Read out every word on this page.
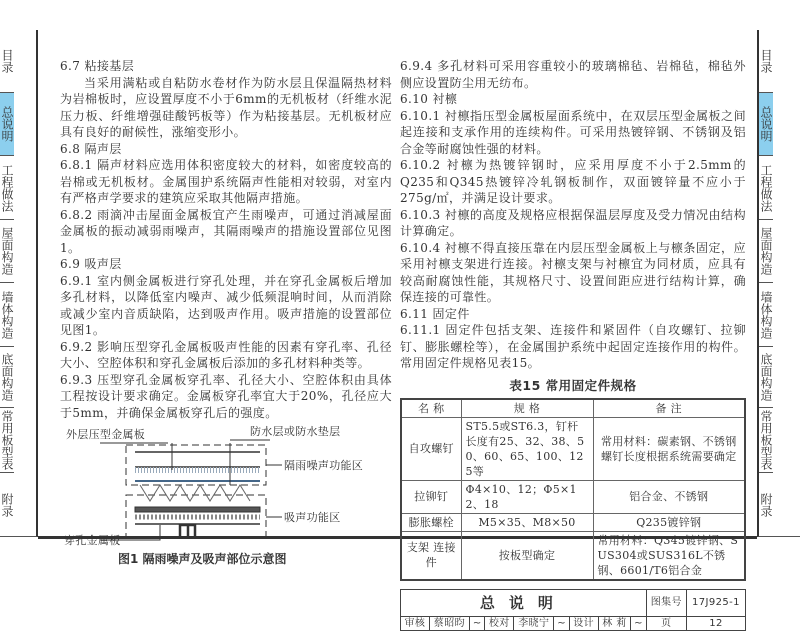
目录
总说明
工程做法
屋面构造
墙体构造
底面构造
常用板型表
附录
目录
总说明
工程做法
屋面构造
墙体构造
底面构造
常用板型表
附录

6.7 粘接基层

当采用满粘或自粘防水卷材作为防水层且保温隔热材料为岩棉板时，应设置厚度不小于6mm的无机板材（纤维水泥压力板、纤维增强硅酸钙板等）作为粘接基层。无机板材应具有良好的耐候性，涨缩变形小。

6.8 隔声层

6.8.1 隔声材料应选用体积密度较大的材料，如密度较高的岩棉或无机板材。金属围护系统隔声性能相对较弱，对室内有严格声学要求的建筑应采取其他隔声措施。

6.8.2 雨滴冲击屋面金属板宜产生雨噪声，可通过消减屋面金属板的振动减弱雨噪声，其隔雨噪声的措施设置部位见图1。

6.9 吸声层

6.9.1 室内侧金属板进行穿孔处理，并在穿孔金属板后增加多孔材料，以降低室内噪声、减少低频混响时间，从而消除或减少室内音质缺陷，达到吸声作用。吸声措施的设置部位见图1。

6.9.2 影响压型穿孔金属板吸声性能的因素有穿孔率、孔径大小、空腔体积和穿孔金属板后添加的多孔材料种类等。

6.9.3 压型穿孔金属板穿孔率、孔径大小、空腔体积由具体工程按设计要求确定。金属板穿孔率宜大于20%，孔径应大于5mm，并确保金属板穿孔后的强度。

外层压型金属板	防水层或防水垫层
隔雨噪声功能区
吸声功能区
穿孔金属板
图1 隔雨噪声及吸声部位示意图

6.9.4 多孔材料可采用容重较小的玻璃棉毡、岩棉毡，棉毡外侧应设置防尘用无纺布。

6.10 衬檩

6.10.1 衬檩指压型金属板屋面系统中，在双层压型金属板之间起连接和支承作用的连续构件。可采用热镀锌钢、不锈钢及铝合金等耐腐蚀性强的材料。

6.10.2 衬檩为热镀锌钢时，应采用厚度不小于2.5mm的Q235和Q345热镀锌冷轧钢板制作，双面镀锌量不应小于275g/㎡，并满足设计要求。

6.10.3 衬檩的高度及规格应根据保温层厚度及受力情况由结构计算确定。

6.10.4 衬檩不得直接压靠在内层压型金属板上与檩条固定，应采用衬檩支架进行连接。衬檩支架与衬檩宜为同材质，应具有较高耐腐蚀性能，其规格尺寸、设置间距应进行结构计算，确保连接的可靠性。

6.11 固定件

6.11.1 固定件包括支架、连接件和紧固件（自攻螺钉、拉铆钉、膨胀螺栓等），在金属围护系统中起固定连接作用的构件。常用固定件规格见表15。

表15 常用固定件规格
名 称	规 格	备 注
自攻螺钉	ST5.5或ST6.3，钉杆长度有25、32、38、50、60、65、100、125等	常用材料：碳素钢、不锈钢 螺钉长度根据系统需要确定
拉铆钉	Φ4×10、12；Φ5×12、18	铝合金、不锈钢
膨胀螺栓	M5×35、M8×50	Q235镀锌钢
支架 连接件	按板型确定	常用材料：Q345镀锌钢、SUS304或SUS316L不锈钢、6601/T6铝合金
总说明									图集号	17J925-1
审核	蔡昭昀	~	校对	李晓宁	~	设计	林 莉	~	页	12
